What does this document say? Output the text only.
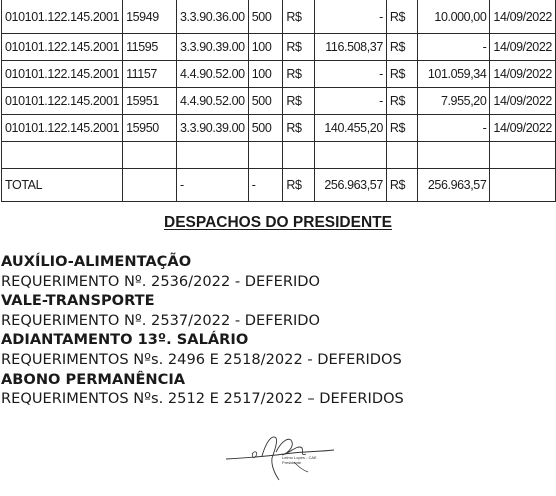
010101.122.145.2001	15949	3.3.90.36.00	500	R$	-	R$	10.000,00	14/09/2022
010101.122.145.2001	11595	3.3.90.39.00	100	R$	116.508,37	R$	-	14/09/2022
010101.122.145.2001	11157	4.4.90.52.00	100	R$	-	R$	101.059,34	14/09/2022
010101.122.145.2001	15951	4.4.90.52.00	500	R$	-	R$	7.955,20	14/09/2022
010101.122.145.2001	15950	3.3.90.39.00	500	R$	140.455,20	R$	-	14/09/2022

TOTAL		-	-	R$	256.963,57	R$	256.963,57	
DESPACHOS DO PRESIDENTE
AUXÍLIO-ALIMENTAÇÃO
REQUERIMENTO Nº. 2536/2022 - DEFERIDO
VALE-TRANSPORTE
REQUERIMENTO Nº. 2537/2022 - DEFERIDO
ADIANTAMENTO 13º. SALÁRIO
REQUERIMENTOS Nºs. 2496 E 2518/2022 - DEFERIDOS
ABONO PERMANÊNCIA
REQUERIMENTOS Nºs. 2512 E 2517/2022 – DEFERIDOS
Lelmo Lopes - CAE
Presidente
